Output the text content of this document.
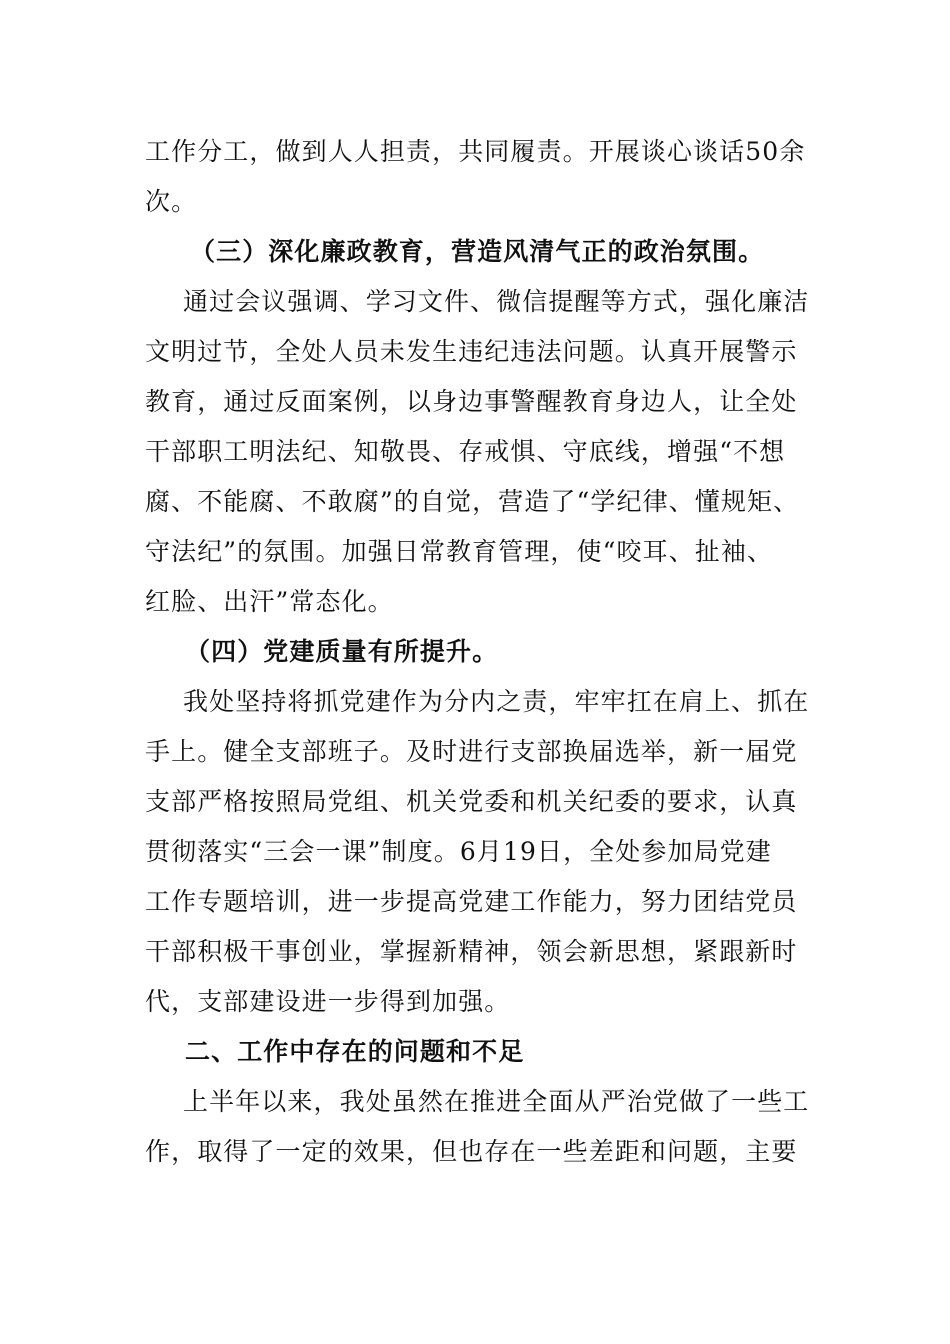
工作分工，做到人人担责，共同履责。开展谈心谈话50余
次。
（三）深化廉政教育，营造风清气正的政治氛围。
通过会议强调、学习文件、微信提醒等方式，强化廉洁
文明过节，全处人员未发生违纪违法问题。认真开展警示
教育，通过反面案例，以身边事警醒教育身边人，让全处
干部职工明法纪、知敬畏、存戒惧、守底线，增强“不想
腐、不能腐、不敢腐”的自觉，营造了“学纪律、懂规矩、
守法纪”的氛围。加强日常教育管理，使“咬耳、扯袖、
红脸、出汗”常态化。
（四）党建质量有所提升。
我处坚持将抓党建作为分内之责，牢牢扛在肩上、抓在
手上。健全支部班子。及时进行支部换届选举，新一届党
支部严格按照局党组、机关党委和机关纪委的要求，认真
贯彻落实“三会一课”制度。6月19日，全处参加局党建
工作专题培训，进一步提高党建工作能力，努力团结党员
干部积极干事创业，掌握新精神，领会新思想，紧跟新时
代，支部建设进一步得到加强。
二、工作中存在的问题和不足
上半年以来，我处虽然在推进全面从严治党做了一些工
作，取得了一定的效果，但也存在一些差距和问题，主要
